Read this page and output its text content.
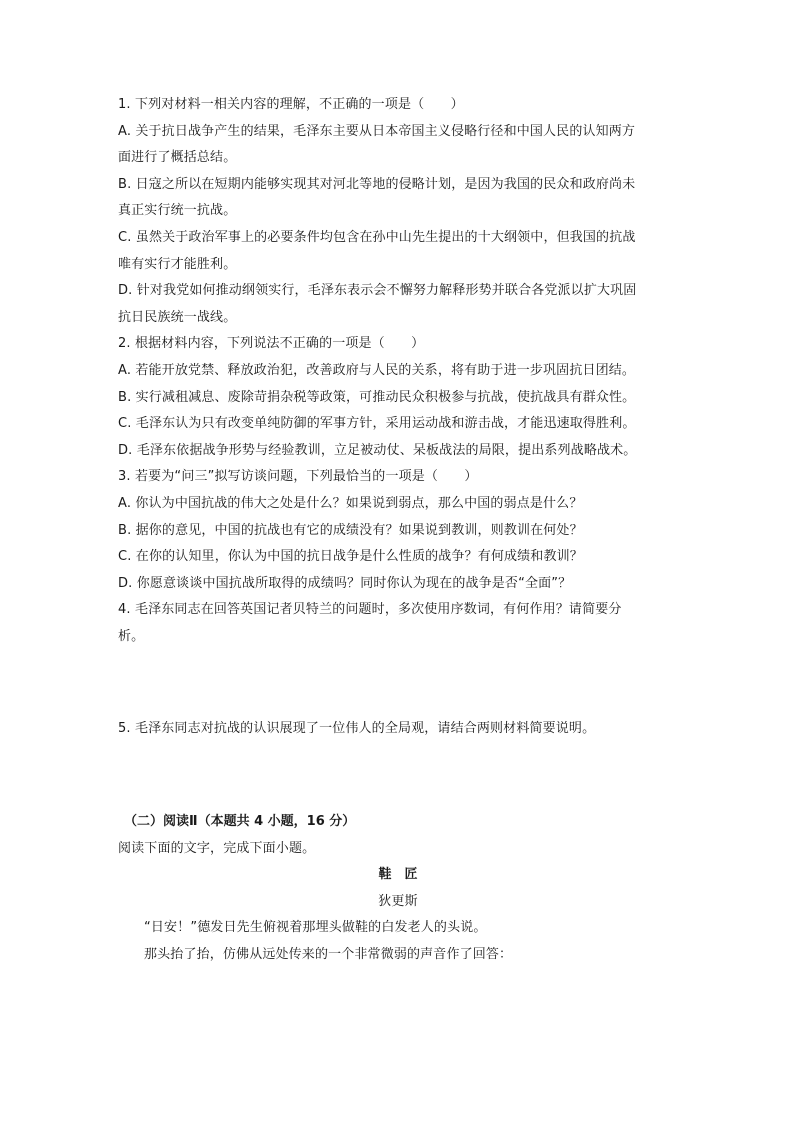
1. 下列对材料一相关内容的理解，不正确的一项是（　　）
A. 关于抗日战争产生的结果，毛泽东主要从日本帝国主义侵略行径和中国人民的认知两方
面进行了概括总结。
B. 日寇之所以在短期内能够实现其对河北等地的侵略计划，是因为我国的民众和政府尚未
真正实行统一抗战。
C. 虽然关于政治军事上的必要条件均包含在孙中山先生提出的十大纲领中，但我国的抗战
唯有实行才能胜利。
D. 针对我党如何推动纲领实行，毛泽东表示会不懈努力解释形势并联合各党派以扩大巩固
抗日民族统一战线。
2. 根据材料内容，下列说法不正确的一项是（　　）
A. 若能开放党禁、释放政治犯，改善政府与人民的关系，将有助于进一步巩固抗日团结。
B. 实行减租减息、废除苛捐杂税等政策，可推动民众积极参与抗战，使抗战具有群众性。
C. 毛泽东认为只有改变单纯防御的军事方针，采用运动战和游击战，才能迅速取得胜利。
D. 毛泽东依据战争形势与经验教训，立足被动仗、呆板战法的局限，提出系列战略战术。
3. 若要为“问三”拟写访谈问题，下列最恰当的一项是（　　）
A. 你认为中国抗战的伟大之处是什么？如果说到弱点，那么中国的弱点是什么？
B. 据你的意见，中国的抗战也有它的成绩没有？如果说到教训，则教训在何处？
C. 在你的认知里，你认为中国的抗日战争是什么性质的战争？有何成绩和教训？
D. 你愿意谈谈中国抗战所取得的成绩吗？同时你认为现在的战争是否“全面”？
4. 毛泽东同志在回答英国记者贝特兰的问题时，多次使用序数词，有何作用？请简要分
析。
5. 毛泽东同志对抗战的认识展现了一位伟人的全局观，请结合两则材料简要说明。
（二）阅读Ⅱ（本题共 4 小题，16 分）
阅读下面的文字，完成下面小题。
鞋　匠
狄更斯
“日安！”德发日先生俯视着那埋头做鞋的白发老人的头说。
那头抬了抬，仿佛从远处传来的一个非常微弱的声音作了回答：
